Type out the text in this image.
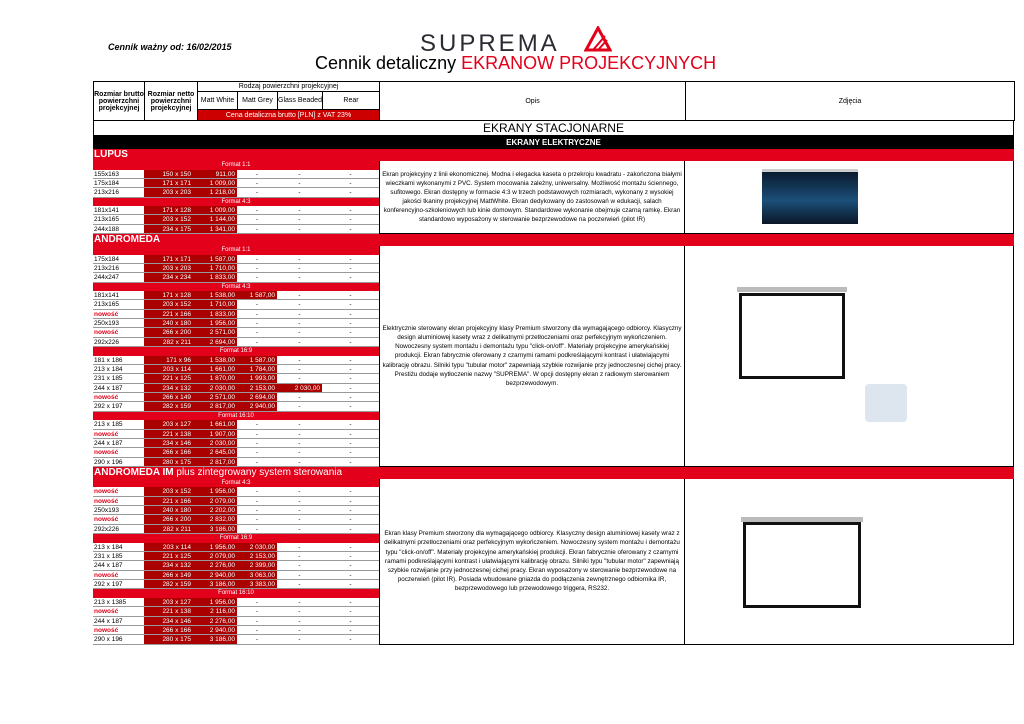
Cennik ważny od: 16/02/2015	SUPREMA
Cennik detaliczny EKRANOW PROJEKCYJNYCH
Rozmiar brutto powierzchni projekcyjnej	Rozmiar netto powierzchni projekcyjnej	Rodzaj powierzchni projekcyjnej				Opis	Zdjęcia
		Matt White	Matt Grey	Glass Beaded	Rear		
		Cena detaliczna brutto [PLN] z VAT 23%					
EKRANY STACJONARNE
EKRANY ELEKTRYCZNE
LUPUS
Format 1:1
155x163	150 x 150	911,00	-	-	-
175x184	171 x 171	1 009,00	-	-	-
213x216	203 x 203	1 218,00	-	-	-
Format 4:3
181x141	171 x 128	1 009,00	-	-	-
213x165	203 x 152	1 144,00	-	-	-
244x188	234 x 175	1 341,00	-	-	-
Ekran projekcyjny z linii ekonomicznej. Modna i elegacka kaseta o przekroju kwadratu - zakończona białymi wieczkami wykonanymi z PVC. System mocowania zależny, uniwersalny. Możliwość montażu ściennego, sufitowego. Ekran dostępny w formacie 4:3 w trzech podstawowych rozmiarach, wykonany z wysokiej jakości tkaniny projekcyjnej MattWhite. Ekran dedykowany do zastosowań w edukacji, salach konferencyjno-szkoleniowych lub kinie domowym. Standardowe wykonanie obejmuje czarną ramkę. Ekran standardowo wyposażony w sterowanie bezprzewodowe na poczerwień (pilot IR)
ANDROMEDA
Format 1:1
175x184	171 x 171	1 587,00	-	-	-
213x216	203 x 203	1 710,00	-	-	-
244x247	234 x 234	1 833,00	-	-	-
Format 4:3
181x141	171 x 128	1 538,00	1 587,00	-	-
213x165	203 x 152	1 710,00	-	-	-
nowość	221 x 166	1 833,00	-	-	-
250x193	240 x 180	1 956,00	-	-	-
nowość	266 x 200	2 571,00	-	-	-
292x226	282 x 211	2 694,00	-	-	-
Format 16:9
181 x 186	171 x 96	1 538,00	1 587,00	-	-
213 x 184	203 x 114	1 661,00	1 784,00	-	-
231 x 185	221 x 125	1 870,00	1 993,00	-	-
244 x 187	234 x 132	2 030,00	2 153,00	2 030,00	-
nowość	266 x 149	2 571,00	2 694,00	-	-
292 x 197	282 x 159	2 817,00	2 940,00	-	-
Format 16:10
213 x 185	203 x 127	1 661,00	-	-	-
nowość	221 x 138	1 907,00	-	-	-
244 x 187	234 x 146	2 030,00	-	-	-
nowość	266 x 166	2 645,00	-	-	-
290 x 196	280 x 175	2 817,00	-	-	-
Elektrycznie sterowany ekran projekcyjny klasy Premium stworzony dla wymagającego odbiorcy. Klasyczny design aluminiowej kasety wraz z delikatnymi przetłoczeniami oraz perfekcyjnym wykończeniem. Nowoczesny system montażu i demontażu typu "click-on/off". Materiały projekcyjne amerykańskiej produkcji. Ekran fabrycznie oferowany z czarnymi ramami podkreślającymi kontrast i ułatwiającymi kalibrację obrazu. Silniki typu "tubular motor" zapewniają szybkie rozwijanie przy jednoczesnej cichej pracy. Prestiżu dodaje wytłoczenie nazwy "SUPREMA". W opcji dostępny ekran z radiowym sterowaniem bezprzewodowym.
ANDROMEDA IM plus zintegrowany system sterowania
Format 4:3
nowość	203 x 152	1 956,00	-	-	-
nowość	221 x 166	2 079,00	-	-	-
250x193	240 x 180	2 202,00	-	-	-
nowość	266 x 200	2 832,00	-	-	-
292x226	282 x 211	3 186,00	-	-	-
Format 16:9
213 x 184	203 x 114	1 956,00	2 030,00	-	-
231 x 185	221 x 125	2 079,00	2 153,00	-	-
244 x 187	234 x 132	2 276,00	2 399,00	-	-
nowość	266 x 149	2 940,00	3 063,00	-	-
292 x 197	282 x 159	3 186,00	3 383,00	-	-
Format 16:10
213 x 1385	203 x 127	1 956,00	-	-	-
nowość	221 x 138	2 116,00	-	-	-
244 x 187	234 x 146	2 276,00	-	-	-
nowość	266 x 166	2 940,00	-	-	-
290 x 196	280 x 175	3 186,00	-	-	-
Ekran klasy Premium stworzony dla wymagającego odbiorcy. Klasyczny design aluminiowej kasety wraz z delikatnymi przetłoczeniami oraz perfekcyjnym wykończeniem. Nowoczesny system montażu i demontażu typu "click-on/off". Materiały projekcyjne amerykańskiej produkcji. Ekran fabrycznie oferowany z czarnymi ramami podkreślającymi kontrast i ułatwiającymi kalibrację obrazu. Silniki typu "tubular motor" zapewniają szybkie rozwijanie przy jednoczesnej cichej pracy. Ekran wyposażony w sterowanie bezprzewodowe na poczerwień (pilot IR). Posiada wbudowane gniazda do podłączenia zewnętrznego odbiornika IR, bezprzewodowego lub przewodowego triggera, RS232.
